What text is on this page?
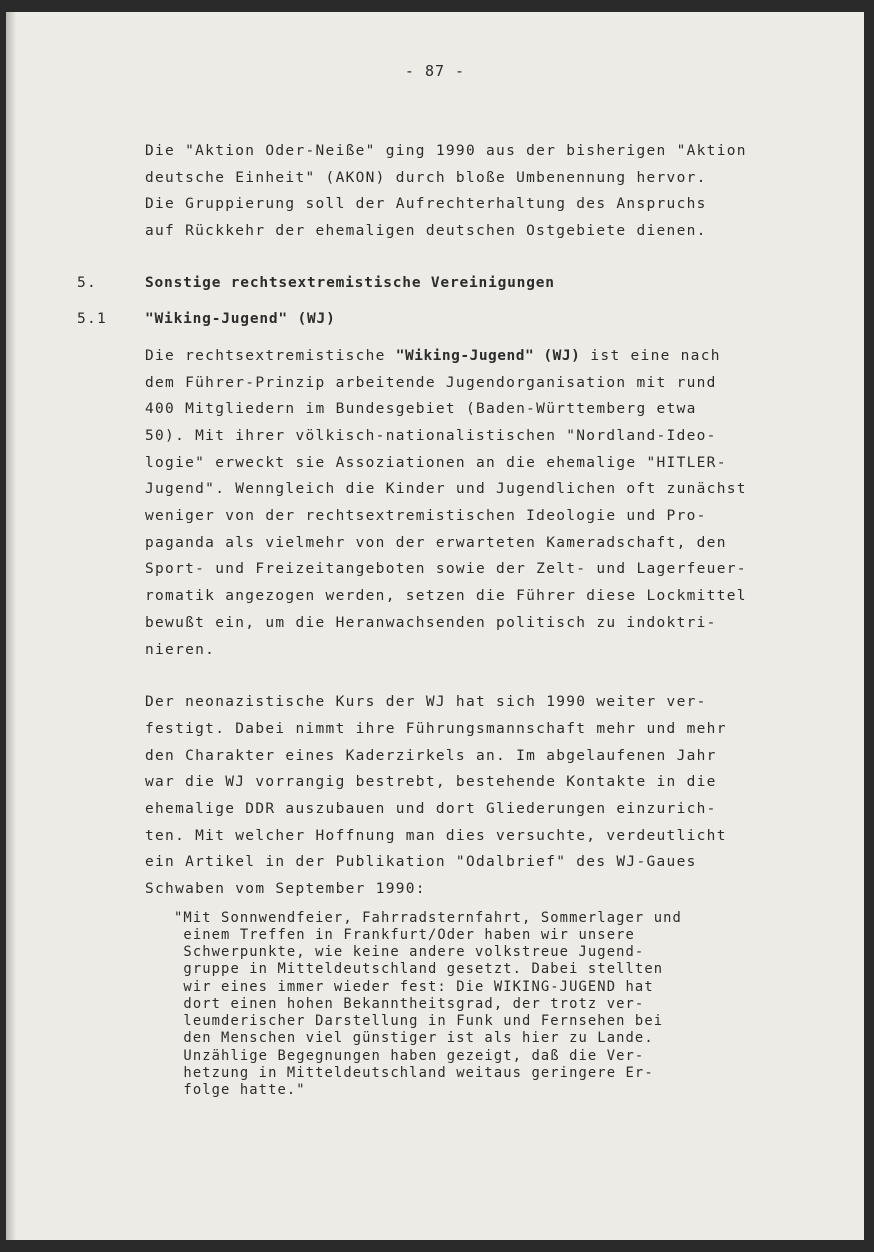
- 87 -
Die "Aktion Oder-Neiße" ging 1990 aus der bisherigen "Aktion
deutsche Einheit" (AKON) durch bloße Umbenennung hervor.
Die Gruppierung soll der Aufrechterhaltung des Anspruchs
auf Rückkehr der ehemaligen deutschen Ostgebiete dienen.
5.	Sonstige rechtsextremistische Vereinigungen
5.1	"Wiking-Jugend" (WJ)
Die rechtsextremistische "Wiking-Jugend" (WJ) ist eine nach
dem Führer-Prinzip arbeitende Jugendorganisation mit rund
400 Mitgliedern im Bundesgebiet (Baden-Württemberg etwa
50). Mit ihrer völkisch-nationalistischen "Nordland-Ideo-
logie" erweckt sie Assoziationen an die ehemalige "HITLER-
Jugend". Wenngleich die Kinder und Jugendlichen oft zunächst
weniger von der rechtsextremistischen Ideologie und Pro-
paganda als vielmehr von der erwarteten Kameradschaft, den
Sport- und Freizeitangeboten sowie der Zelt- und Lagerfeuer-
romatik angezogen werden, setzen die Führer diese Lockmittel
bewußt ein, um die Heranwachsenden politisch zu indoktri-
nieren.
Der neonazistische Kurs der WJ hat sich 1990 weiter ver-
festigt. Dabei nimmt ihre Führungsmannschaft mehr und mehr
den Charakter eines Kaderzirkels an. Im abgelaufenen Jahr
war die WJ vorrangig bestrebt, bestehende Kontakte in die
ehemalige DDR auszubauen und dort Gliederungen einzurich-
ten. Mit welcher Hoffnung man dies versuchte, verdeutlicht
ein Artikel in der Publikation "Odalbrief" des WJ-Gaues
Schwaben vom September 1990:
"Mit Sonnwendfeier, Fahrradsternfahrt, Sommerlager und
einem Treffen in Frankfurt/Oder haben wir unsere
Schwerpunkte, wie keine andere volkstreue Jugend-
gruppe in Mitteldeutschland gesetzt. Dabei stellten
wir eines immer wieder fest: Die WIKING-JUGEND hat
dort einen hohen Bekanntheitsgrad, der trotz ver-
leumderischer Darstellung in Funk und Fernsehen bei
den Menschen viel günstiger ist als hier zu Lande.
Unzählige Begegnungen haben gezeigt, daß die Ver-
hetzung in Mitteldeutschland weitaus geringere Er-
folge hatte."
